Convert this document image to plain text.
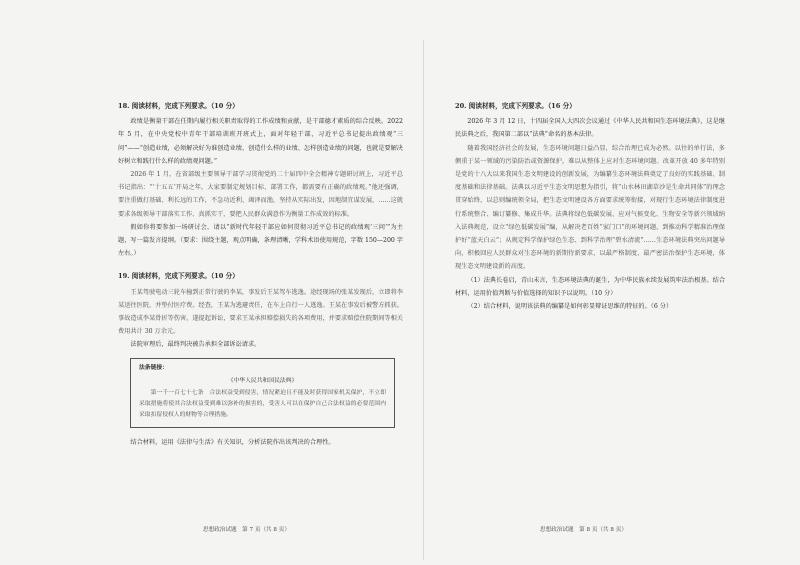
18. 阅读材料，完成下列要求。（10 分）

政绩是衡量干部在任期内履行相关职责取得的工作成绩和贡献，是干部德才素质的综合反映。2022 年 5 月，在中央党校中青年干部培训班开班式上，面对年轻干部，习近平总书记提出政绩观“三问”——“创造业绩，必须解决好为谁创造业绩、创造什么样的业绩、怎样创造业绩的问题，也就是要解决好树立和践行什么样的政绩观问题。”

2026 年 1 月，在省部级主要领导干部学习贯彻党的二十届四中全会精神专题研讨班上，习近平总书记指出：“‘十五五’开局之年，大家要制定规划目标、部署工作，都需要有正确的政绩观。”他还强调，要注重做打基础、利长远的工作，不急功近利、竭泽而渔，坚持从实际出发，因地制宜谋发展，……这就要求各级领导干部落实工作、真抓实干，要把人民群众满意作为衡量工作成效的标准。

假如你将要参加一场研讨会，请以“新时代年轻干部应如何贯彻习近平总书记的政绩观‘三问’”为主题，写一篇发言提纲。（要求：围绕主题，观点明确，条理清晰，学科术语使用规范，字数 150—200 字左右。）

19. 阅读材料，完成下列要求。（10 分）

王某驾驶电动三轮车撞到正常行驶的李某，事发后王某驾车逃逸。途经现场的张某发现后，立即将李某送往医院，并垫付医疗费。经查，王某为逃避责任，在车上自行一人逃逸。王某在事发后被警方抓获。事故造成李某骨折等伤害，遂提起诉讼，要求王某承担赔偿损失的各项费用，并要求赔偿住院期间等相关费用共计 30 万余元。

法院审理后，最终判决被告承担全部诉讼请求。

法条链接：

《中华人民共和国民法典》

第一千一百七十七条　合法权益受到侵害，情况紧迫且不能及时获得国家机关保护，不立即采取措施将使其合法权益受到难以弥补的损害的，受害人可以在保护自己合法权益的必要范围内采取扣留侵权人的财物等合理措施。

结合材料，运用《法律与生活》有关知识，分析法院作出该判决的合理性。

20. 阅读材料，完成下列要求。（16 分）

2026 年 3 月 12 日，十四届全国人大四次会议通过《中华人民共和国生态环境法典》，这是继民法典之后，我国第二部以“法典”命名的基本法律。

随着我国经济社会的发展，生态环境问题日益凸显，综合治理已成为必然。以往的单行法，多侧重于某一领域的污染防治或资源保护，难以从整体上应对生态环境问题。改革开放 40 多年特别是党的十八大以来我国生态文明建设的创新发展，为编纂生态环境法典奠定了良好的实践基础、制度基础和法律基础。法典以习近平生态文明思想为指引，将“山水林田湖草沙是生命共同体”的理念贯穿始终，以总则编统领全局，把生态文明建设各方面要求统筹衔接，对现行生态环境法律制度进行系统整合、编订纂修、集成升华。法典将绿色低碳发展、应对气候变化、生物安全等新兴领域纳入法典规范，设立“绿色低碳发展”编，从解决老百姓“家门口”的环境问题，到推动科学精准治理保护好“蓝天白云”；从规定科学保护绿色生态、到科学治理“碧水清流”……生态环境法典突出问题导向，积极回应人民群众对生态环境的新期待新要求，以最严格制度、最严密法治保护生态环境，体现生态文明建设新的高度。

（1）法典长卷启，青山未言，生态环境法典的诞生，为中华民族永续发展筑牢法治根基。结合材料，运用价值判断与价值选择的知识予以说明。（10 分）

（2）结合材料，说明该法典的编纂是如何彰显辩证思维的特征的。（6 分）

思想政治试题　第 7 页（共 8 页）	思想政治试题　第 8 页（共 8 页）
